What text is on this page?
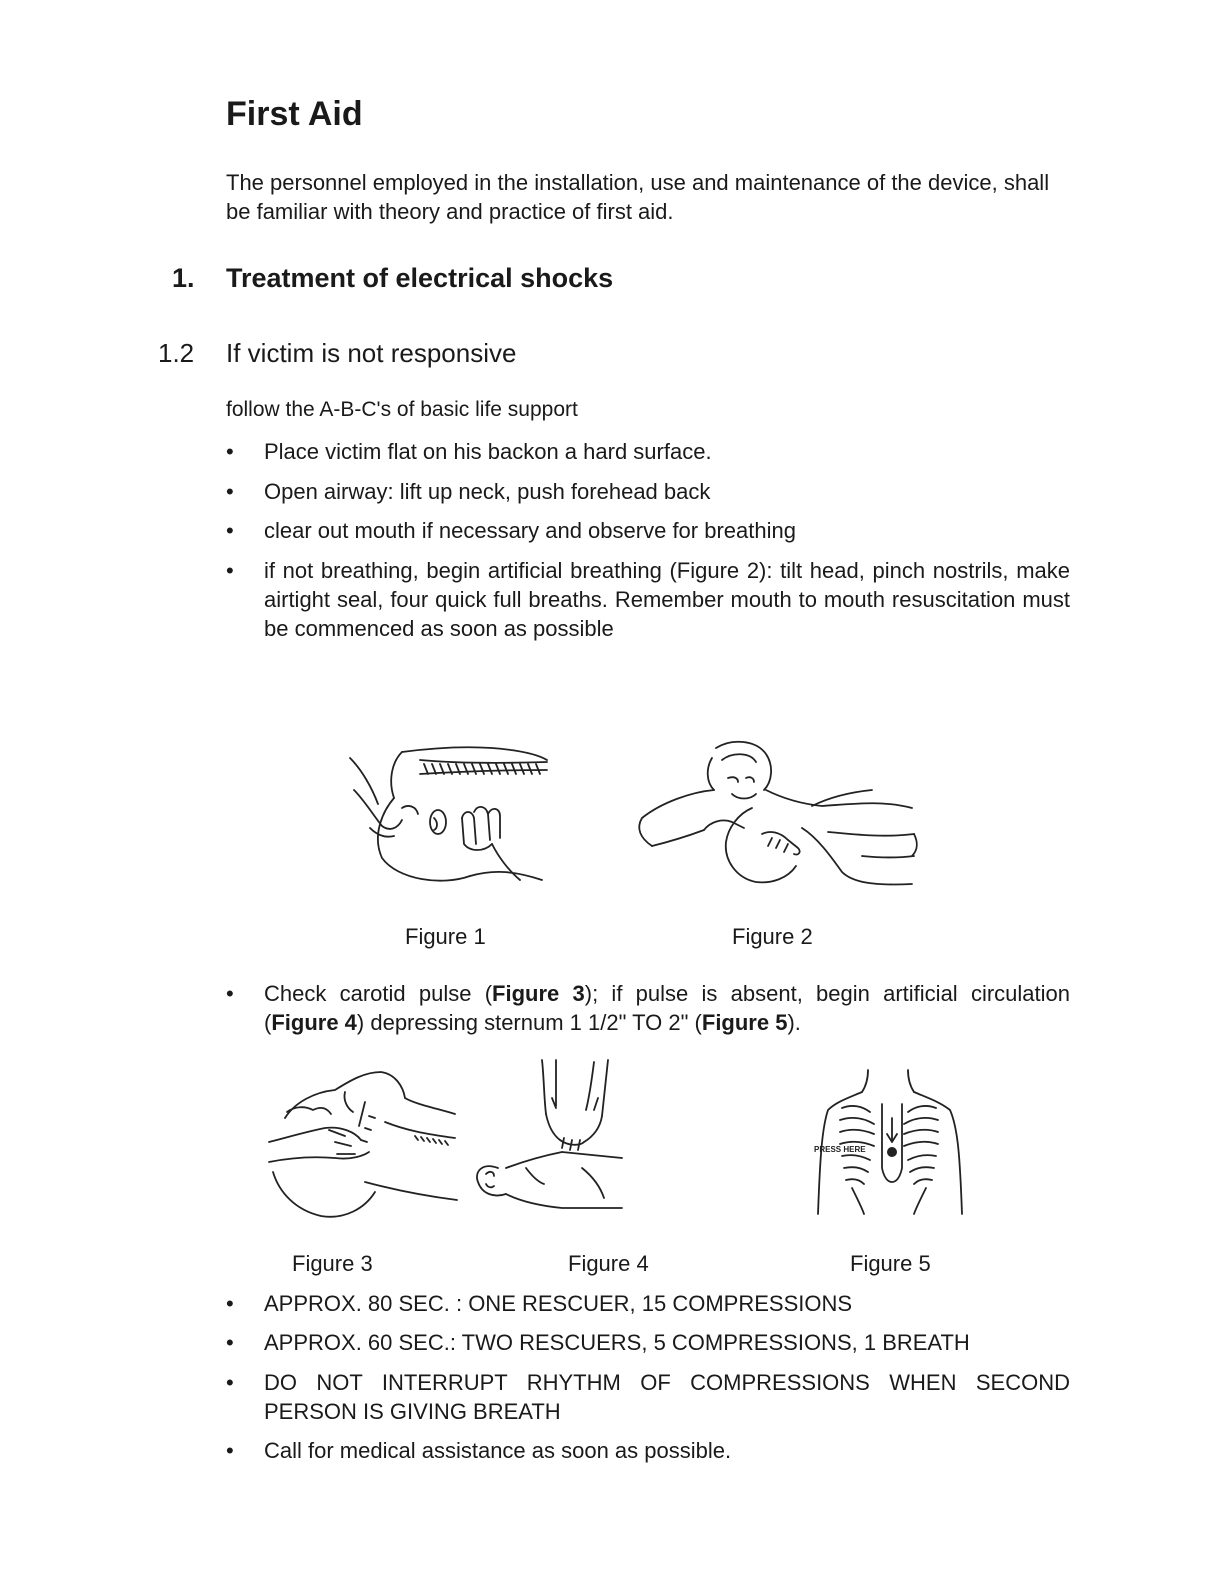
First Aid

The personnel employed in the installation, use and maintenance of the device, shall be familiar with theory and practice of first aid.

1. Treatment of electrical shocks
1.2 If victim is not responsive
follow the A-B-C's of basic life support
•	Place victim flat on his backon a hard surface.
•	Open airway: lift up neck, push forehead back
•	clear out mouth if necessary and observe for breathing
•	if not breathing, begin artificial breathing (Figure 2): tilt head, pinch nostrils, make airtight seal, four quick full breaths. Remember mouth to mouth resuscitation must be commenced as soon as possible
Figure 1	Figure 2
•	Check carotid pulse (Figure 3); if pulse is absent, begin artificial circulation (Figure 4) depressing sternum 1 1/2" TO 2" (Figure 5).
PRESS HERE
Figure 3	Figure 4	Figure 5
•	APPROX. 80 SEC. : ONE RESCUER, 15 COMPRESSIONS
•	APPROX. 60 SEC.: TWO RESCUERS, 5 COMPRESSIONS, 1 BREATH
•	DO NOT INTERRUPT RHYTHM OF COMPRESSIONS WHEN SECOND PERSON IS GIVING BREATH
•	Call for medical assistance as soon as possible.
